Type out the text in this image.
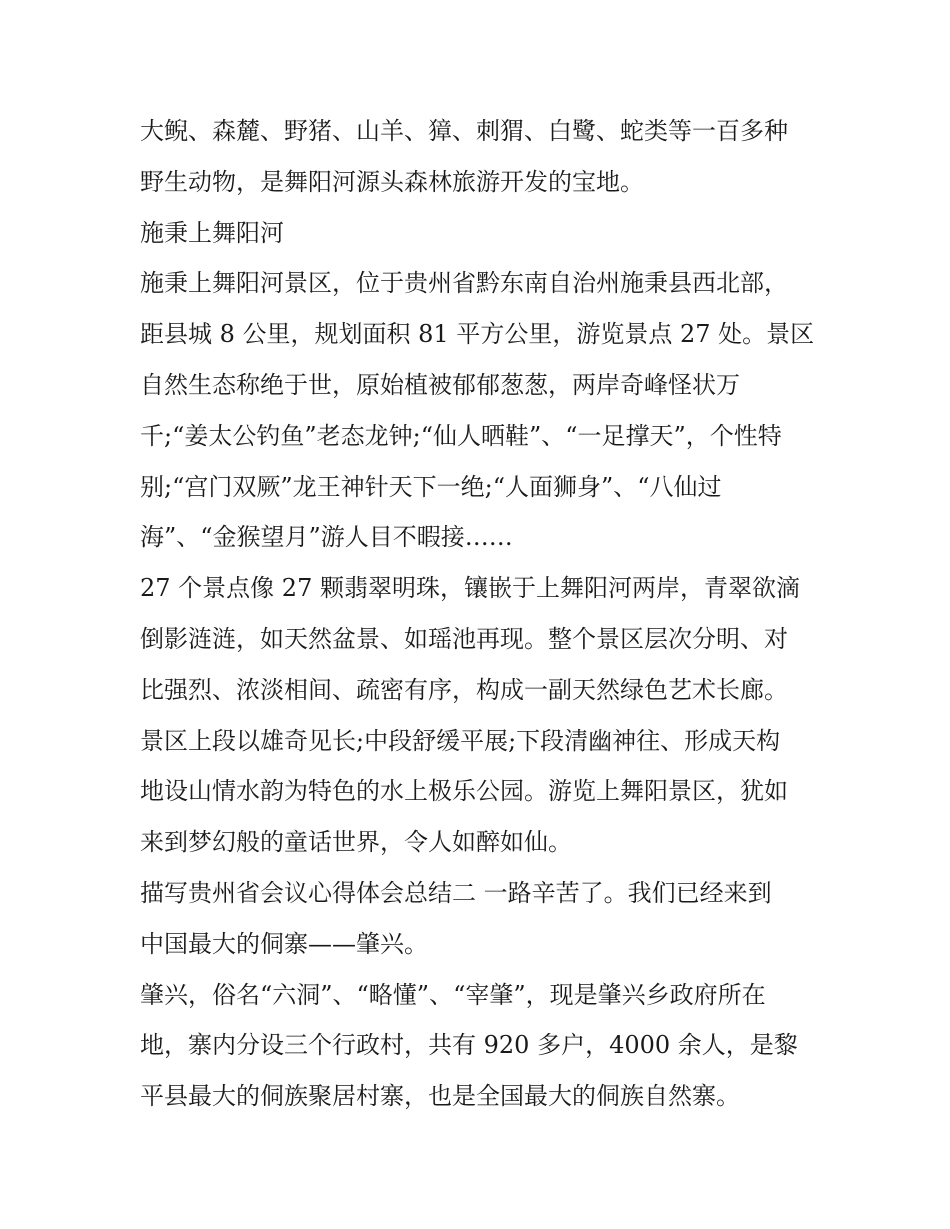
大鲵、森麓、野猪、山羊、獐、刺猬、白鹭、蛇类等一百多种
野生动物，是舞阳河源头森林旅游开发的宝地。
施秉上舞阳河
施秉上舞阳河景区，位于贵州省黔东南自治州施秉县西北部，
距县城 8 公里，规划面积 81 平方公里，游览景点 27 处。景区
自然生态称绝于世，原始植被郁郁葱葱，两岸奇峰怪状万
千;“姜太公钓鱼”老态龙钟;“仙人晒鞋”、“一足撑天”，个性特
别;“宫门双厥”龙王神针天下一绝;“人面狮身”、“八仙过
海”、“金猴望月”游人目不暇接……
27 个景点像 27 颗翡翠明珠，镶嵌于上舞阳河两岸，青翠欲滴
倒影涟涟，如天然盆景、如瑶池再现。整个景区层次分明、对
比强烈、浓淡相间、疏密有序，构成一副天然绿色艺术长廊。
景区上段以雄奇见长;中段舒缓平展;下段清幽神往、形成天构
地设山情水韵为特色的水上极乐公园。游览上舞阳景区，犹如
来到梦幻般的童话世界，令人如醉如仙。
描写贵州省会议心得体会总结二 一路辛苦了。我们已经来到
中国最大的侗寨——肇兴。
肇兴，俗名“六洞”、“略懂”、“宰肇”，现是肇兴乡政府所在
地，寨内分设三个行政村，共有 920 多户，4000 余人，是黎
平县最大的侗族聚居村寨，也是全国最大的侗族自然寨。
